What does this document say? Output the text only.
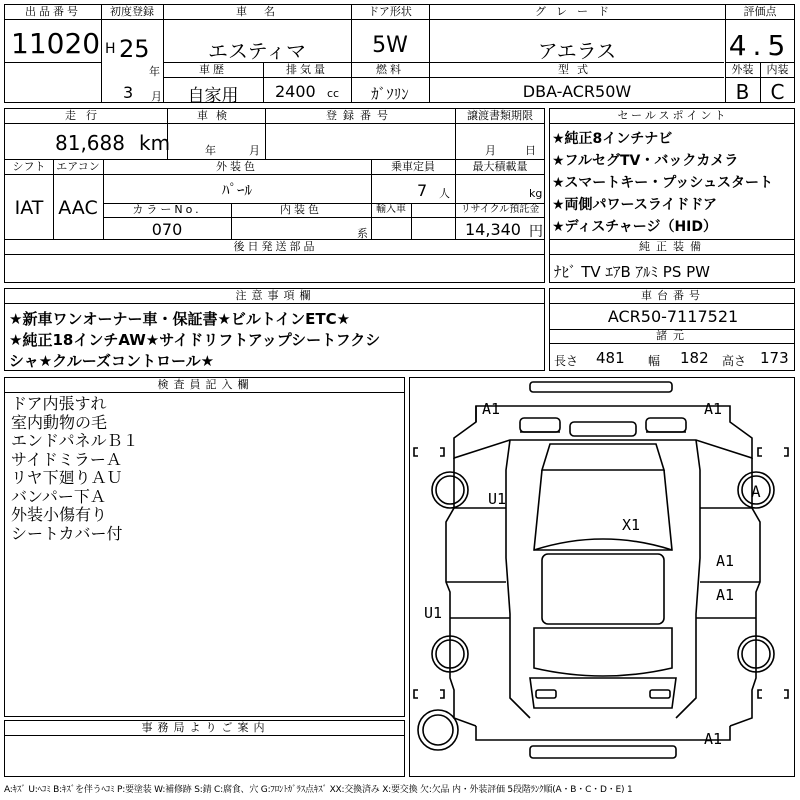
出品番号
11020
初度登録
H 25
年
3 月
車　名
エスティマ
ドア形状
5W
グレード
アエラス
評価点
4.5
車歴
自家用
排気量
2400 cc
燃料
ｶﾞｿﾘﾝ
型式
DBA-ACR50W
外装	内装
B	C
走行
81,688 km
車検
年	月
登録番号	譲渡書類期限
月	日
シフト
IAT
エアコン
AAC
外装色
ﾊﾟｰﾙ
乗車定員
7 人
最大積載量
kg
カラーNo.
070
内装色
系
輸入車	リサイクル預託金
14,340 円
後日発送部品
セールスポイント
★純正8インチナビ
★フルセグTV・バックカメラ
★スマートキー・プッシュスタート
★両側パワースライドドア
★ディスチャージ（HID）
純正装備
ﾅﾋﾞ TV ｴｱB ｱﾙﾐ PS PW
注意事項欄
★新車ワンオーナー車・保証書★ビルトインETC★
★純正18インチAW★サイドリフトアップシートフクシ
シャ★クルーズコントロール★
車台番号
ACR50-7117521
諸元
長さ 481 幅 182 高さ 173
検査員記入欄
ドア内張すれ
室内動物の毛
エンドパネルＢ１
サイドミラーＡ
リヤ下廻りＡＵ
バンパー下Ａ
外装小傷有り
シートカバー付
事務局よりご案内
A1	A1
A
U1
X1
A1
A1
U1
A1
A:ｷｽﾞ U:ﾍｺﾐ B:ｷｽﾞを伴うﾍｺﾐ P:要塗装 W:補修跡 S:錆 C:腐食、穴 G:ﾌﾛﾝﾄｶﾞﾗｽ点ｷｽﾞ XX:交換済み X:要交換 欠:欠品 内・外装評価 5段階ﾗﾝｸ順(A・B・C・D・E) 1
